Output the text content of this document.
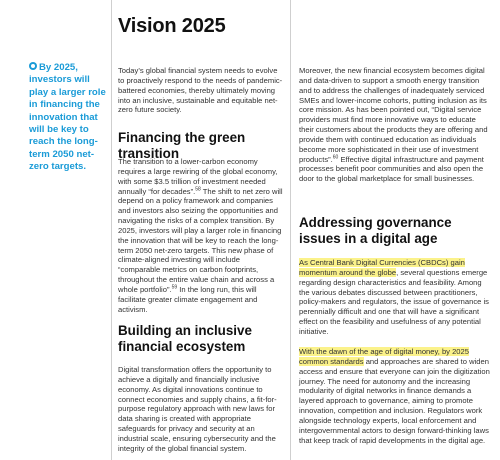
By 2025, investors will play a larger role in financing the innovation that will be key to reach the long-term 2050 net-zero targets.
Vision 2025

Today’s global financial system needs to evolve to proactively respond to the needs of pandemic-battered economies, thereby ultimately moving into an inclusive, sustainable and equitable net-zero future society.

Financing the green transition

The transition to a lower-carbon economy requires a large rewiring of the global economy, with some $3.5 trillion of investment needed annually “for decades”.$^{58}$ The shift to net zero will depend on a policy framework and companies and investors also seizing the opportunities and navigating the risks of a complex transition. By 2025, investors will play a larger role in financing the innovation that will be key to reach the long-term 2050 net-zero targets. This new phase of climate-aligned investing will include “comparable metrics on carbon footprints, throughout the entire value chain and across a whole portfolio”.$^{59}$ In the long run, this will facilitate greater climate engagement and activism.

Building an inclusive financial ecosystem

Digital transformation offers the opportunity to achieve a digitally and financially inclusive economy. As digital innovations continue to connect economies and supply chains, a fit-for-purpose regulatory approach with new laws for data sharing is created with appropriate safeguards for privacy and security at an industrial scale, ensuring cybersecurity and the integrity of the global financial system.

Moreover, the new financial ecosystem becomes digital and data-driven to support a smooth energy transition and to address the challenges of inadequately serviced SMEs and lower-income cohorts, putting inclusion as its core mission. As has been pointed out, “Digital service providers must find more innovative ways to educate their customers about the products they are offering and provide them with continued education as individuals become more sophisticated in their use of investment products”.$^{60}$ Effective digital infrastructure and payment processes benefit poor communities and also open the door to the global marketplace for small businesses.

Addressing governance issues in a digital age

As Central Bank Digital Currencies (CBDCs) gain momentum around the globe, several questions emerge regarding design characteristics and feasibility. Among the various debates discussed between practitioners, policy-makers and regulators, the issue of governance is perennially difficult and one that will have a significant effect on the feasibility and usefulness of any potential initiative.

With the dawn of the age of digital money, by 2025 common standards and approaches are shared to widen access and ensure that everyone can join the digitization journey. The need for autonomy and the increasing modularity of digital networks in finance demands a layered approach to governance, aiming to promote innovation, competition and inclusion. Regulators work alongside technology experts, local enforcement and intergovernmental actors to design forward-thinking laws that keep track of rapid developments in the digital age.
